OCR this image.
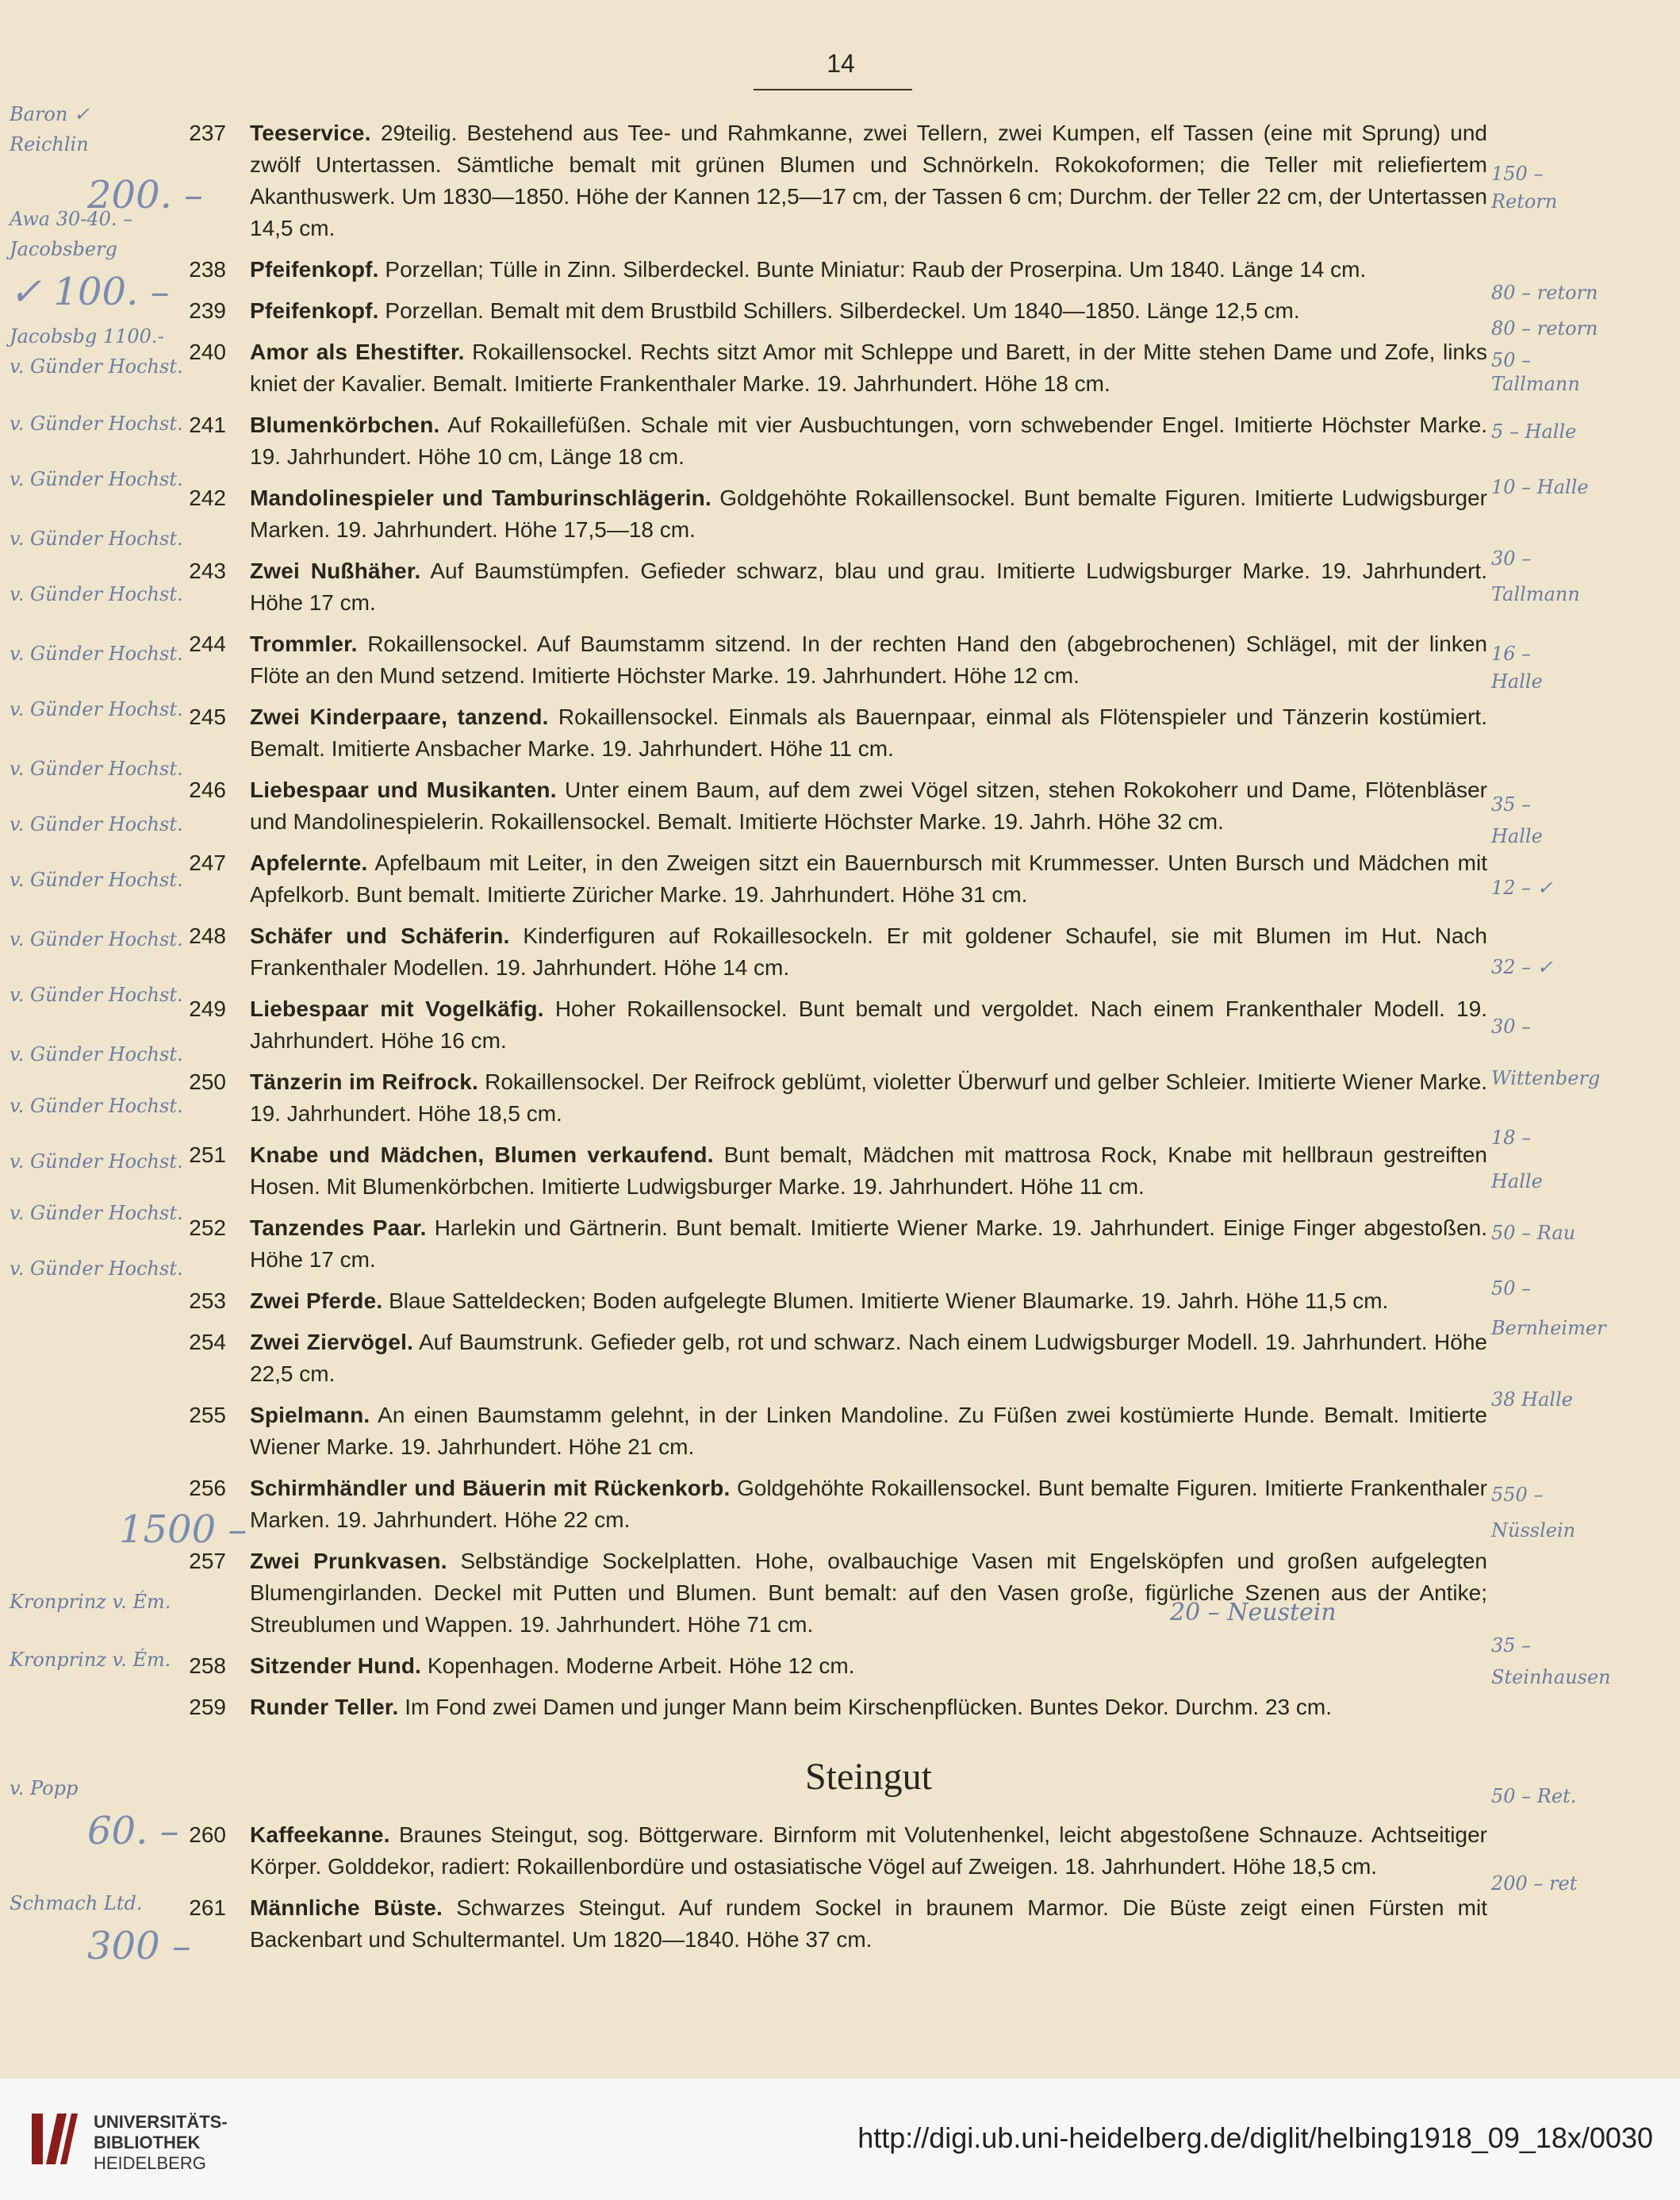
14
237 Teeservice. 29teilig. Bestehend aus Tee- und Rahmkanne, zwei Tellern, zwei Kumpen, elf Tassen (eine mit Sprung) und zwölf Untertassen. Sämtliche bemalt mit grünen Blumen und Schnörkeln. Rokokoformen; die Teller mit reliefiertem Akanthuswerk. Um 1830—1850. Höhe der Kannen 12,5—17 cm, der Tassen 6 cm; Durchm. der Teller 22 cm, der Untertassen 14,5 cm.
238 Pfeifenkopf. Porzellan; Tülle in Zinn. Silberdeckel. Bunte Miniatur: Raub der Proserpina. Um 1840. Länge 14 cm.
239 Pfeifenkopf. Porzellan. Bemalt mit dem Brustbild Schillers. Silberdeckel. Um 1840—1850. Länge 12,5 cm.
240 Amor als Ehestifter. Rokaillensockel. Rechts sitzt Amor mit Schleppe und Barett, in der Mitte stehen Dame und Zofe, links kniet der Kavalier. Bemalt. Imitierte Frankenthaler Marke. 19. Jahrhundert. Höhe 18 cm.
241 Blumenkörbchen. Auf Rokaillefüßen. Schale mit vier Ausbuchtungen, vorn schwebender Engel. Imitierte Höchster Marke. 19. Jahrhundert. Höhe 10 cm, Länge 18 cm.
242 Mandolinespieler und Tamburinschlägerin. Goldgehöhte Rokaillensockel. Bunt bemalte Figuren. Imitierte Ludwigsburger Marken. 19. Jahrhundert. Höhe 17,5—18 cm.
243 Zwei Nußhäher. Auf Baumstümpfen. Gefieder schwarz, blau und grau. Imitierte Ludwigsburger Marke. 19. Jahrhundert. Höhe 17 cm.
244 Trommler. Rokaillensockel. Auf Baumstamm sitzend. In der rechten Hand den (abgebrochenen) Schlägel, mit der linken Flöte an den Mund setzend. Imitierte Höchster Marke. 19. Jahrhundert. Höhe 12 cm.
245 Zwei Kinderpaare, tanzend. Rokaillensockel. Einmals als Bauernpaar, einmal als Flötenspieler und Tänzerin kostümiert. Bemalt. Imitierte Ansbacher Marke. 19. Jahrhundert. Höhe 11 cm.
246 Liebespaar und Musikanten. Unter einem Baum, auf dem zwei Vögel sitzen, stehen Rokokoherr und Dame, Flötenbläser und Mandolinespielerin. Rokaillensockel. Bemalt. Imitierte Höchster Marke. 19. Jahrh. Höhe 32 cm.
247 Apfelernte. Apfelbaum mit Leiter, in den Zweigen sitzt ein Bauernbursch mit Krummesser. Unten Bursch und Mädchen mit Apfelkorb. Bunt bemalt. Imitierte Züricher Marke. 19. Jahrhundert. Höhe 31 cm.
248 Schäfer und Schäferin. Kinderfiguren auf Rokaillesockeln. Er mit goldener Schaufel, sie mit Blumen im Hut. Nach Frankenthaler Modellen. 19. Jahrhundert. Höhe 14 cm.
249 Liebespaar mit Vogelkäfig. Hoher Rokaillensockel. Bunt bemalt und vergoldet. Nach einem Frankenthaler Modell. 19. Jahrhundert. Höhe 16 cm.
250 Tänzerin im Reifrock. Rokaillensockel. Der Reifrock geblümt, violetter Überwurf und gelber Schleier. Imitierte Wiener Marke. 19. Jahrhundert. Höhe 18,5 cm.
251 Knabe und Mädchen, Blumen verkaufend. Bunt bemalt, Mädchen mit mattrosa Rock, Knabe mit hellbraun gestreiften Hosen. Mit Blumenkörbchen. Imitierte Ludwigsburger Marke. 19. Jahrhundert. Höhe 11 cm.
252 Tanzendes Paar. Harlekin und Gärtnerin. Bunt bemalt. Imitierte Wiener Marke. 19. Jahrhundert. Einige Finger abgestoßen. Höhe 17 cm.
253 Zwei Pferde. Blaue Satteldecken; Boden aufgelegte Blumen. Imitierte Wiener Blaumarke. 19. Jahrh. Höhe 11,5 cm.
254 Zwei Ziervögel. Auf Baumstrunk. Gefieder gelb, rot und schwarz. Nach einem Ludwigsburger Modell. 19. Jahrhundert. Höhe 22,5 cm.
255 Spielmann. An einen Baumstamm gelehnt, in der Linken Mandoline. Zu Füßen zwei kostümierte Hunde. Bemalt. Imitierte Wiener Marke. 19. Jahrhundert. Höhe 21 cm.
256 Schirmhändler und Bäuerin mit Rückenkorb. Goldgehöhte Rokaillensockel. Bunt bemalte Figuren. Imitierte Frankenthaler Marken. 19. Jahrhundert. Höhe 22 cm.
257 Zwei Prunkvasen. Selbständige Sockelplatten. Hohe, ovalbauchige Vasen mit Engelsköpfen und großen aufgelegten Blumengirlanden. Deckel mit Putten und Blumen. Bunt bemalt: auf den Vasen große, figürliche Szenen aus der Antike; Streublumen und Wappen. 19. Jahrhundert. Höhe 71 cm.
258 Sitzender Hund. Kopenhagen. Moderne Arbeit. Höhe 12 cm.
259 Runder Teller. Im Fond zwei Damen und junger Mann beim Kirschenpflücken. Buntes Dekor. Durchm. 23 cm.
Steingut
260 Kaffeekanne. Braunes Steingut, sog. Böttgerware. Birnform mit Volutenhenkel, leicht abgestoßene Schnauze. Achtseitiger Körper. Golddekor, radiert: Rokaillenbordüre und ostasiatische Vögel auf Zweigen. 18. Jahrhundert. Höhe 18,5 cm.
261 Männliche Büste. Schwarzes Steingut. Auf rundem Sockel in braunem Marmor. Die Büste zeigt einen Fürsten mit Backenbart und Schultermantel. Um 1820—1840. Höhe 37 cm.
Baron ✓
Reichlin
200. –
Awa 30-40. –
Jacobsberg
✓ 100. –
Jacobsbg 1100.-
v. Günder Hochst.
v. Günder Hochst.
v. Günder Hochst.
v. Günder Hochst.
v. Günder Hochst.
v. Günder Hochst.
v. Günder Hochst.
v. Günder Hochst.
v. Günder Hochst.
v. Günder Hochst.
v. Günder Hochst.
v. Günder Hochst.
v. Günder Hochst.
v. Günder Hochst.
v. Günder Hochst.
v. Günder Hochst.
v. Günder Hochst.
1500 –
Kronprinz v. Ém.
Kronprinz v. Ém.
v. Popp
60. –
Schmach Ltd.
300 –
150 –
Retorn
80 – retorn
80 – retorn
50 –
Tallmann
5 – Halle
10 – Halle
30 –
Tallmann
16 –
Halle
35 –
Halle
12 – ✓
32 – ✓
30 –
Wittenberg
18 –
Halle
50 – Rau
50 –
Bernheimer
38 Halle
550 –
Nüsslein
20 – Neustein
35 –
Steinhausen
50 – Ret.
200 – ret
UNIVERSITÄTS-
BIBLIOTHEK
HEIDELBERG
http://digi.ub.uni-heidelberg.de/diglit/helbing1918_09_18x/0030
